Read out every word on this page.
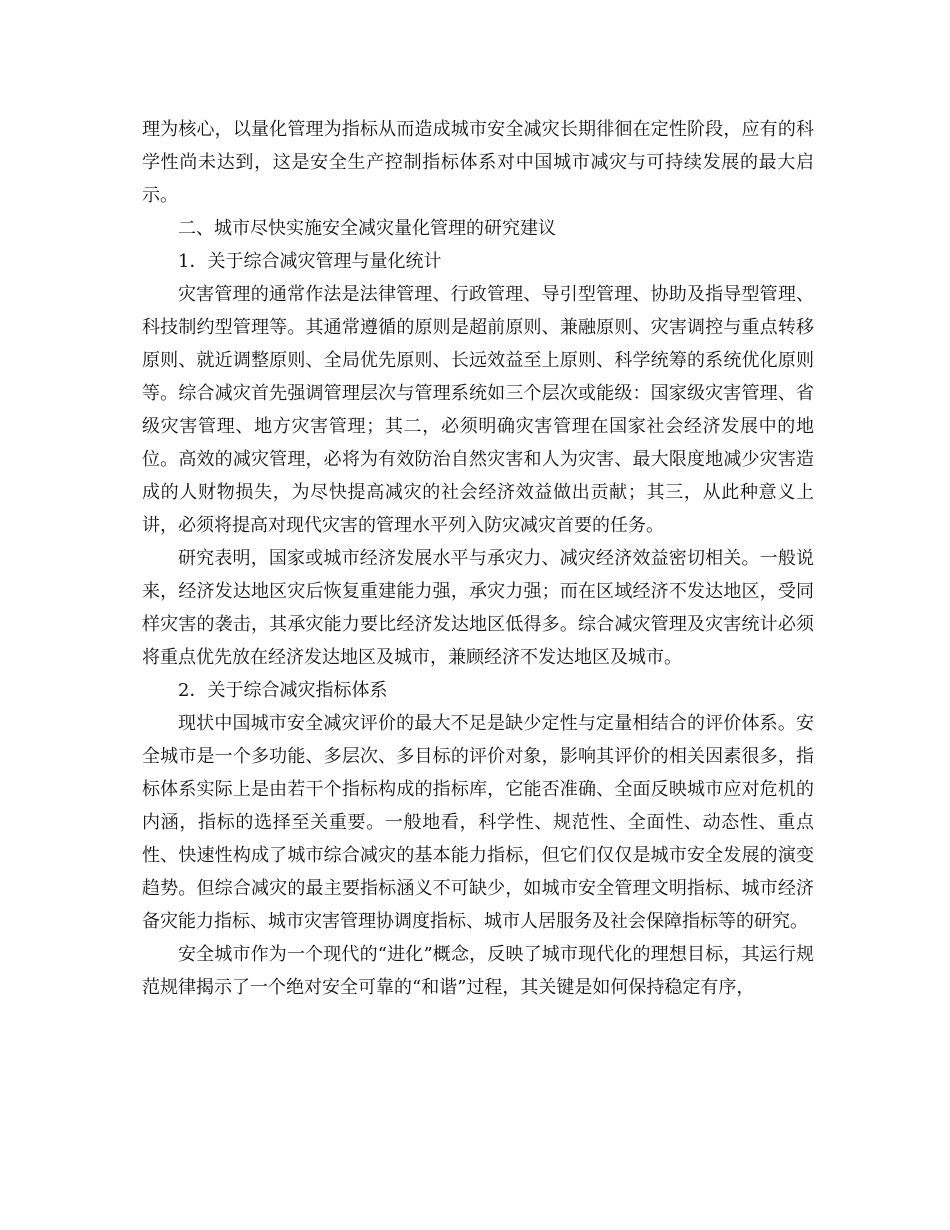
理为核心，以量化管理为指标从而造成城市安全减灾长期徘徊在定性阶段，应有的科学性尚未达到，这是安全生产控制指标体系对中国城市减灾与可持续发展的最大启示。

二、城市尽快实施安全减灾量化管理的研究建议

1．关于综合减灾管理与量化统计

灾害管理的通常作法是法律管理、行政管理、导引型管理、协助及指导型管理、科技制约型管理等。其通常遵循的原则是超前原则、兼融原则、灾害调控与重点转移原则、就近调整原则、全局优先原则、长远效益至上原则、科学统筹的系统优化原则等。综合减灾首先强调管理层次与管理系统如三个层次或能级：国家级灾害管理、省级灾害管理、地方灾害管理；其二，必须明确灾害管理在国家社会经济发展中的地位。高效的减灾管理，必将为有效防治自然灾害和人为灾害、最大限度地减少灾害造成的人财物损失，为尽快提高减灾的社会经济效益做出贡献；其三，从此种意义上讲，必须将提高对现代灾害的管理水平列入防灾减灾首要的任务。

研究表明，国家或城市经济发展水平与承灾力、减灾经济效益密切相关。一般说来，经济发达地区灾后恢复重建能力强，承灾力强；而在区域经济不发达地区，受同样灾害的袭击，其承灾能力要比经济发达地区低得多。综合减灾管理及灾害统计必须将重点优先放在经济发达地区及城市，兼顾经济不发达地区及城市。

2．关于综合减灾指标体系

现状中国城市安全减灾评价的最大不足是缺少定性与定量相结合的评价体系。安全城市是一个多功能、多层次、多目标的评价对象，影响其评价的相关因素很多，指标体系实际上是由若干个指标构成的指标库，它能否准确、全面反映城市应对危机的内涵，指标的选择至关重要。一般地看，科学性、规范性、全面性、动态性、重点性、快速性构成了城市综合减灾的基本能力指标，但它们仅仅是城市安全发展的演变趋势。但综合减灾的最主要指标涵义不可缺少，如城市安全管理文明指标、城市经济备灾能力指标、城市灾害管理协调度指标、城市人居服务及社会保障指标等的研究。

安全城市作为一个现代的“进化”概念，反映了城市现代化的理想目标，其运行规范规律揭示了一个绝对安全可靠的“和谐”过程，其关键是如何保持稳定有序，
